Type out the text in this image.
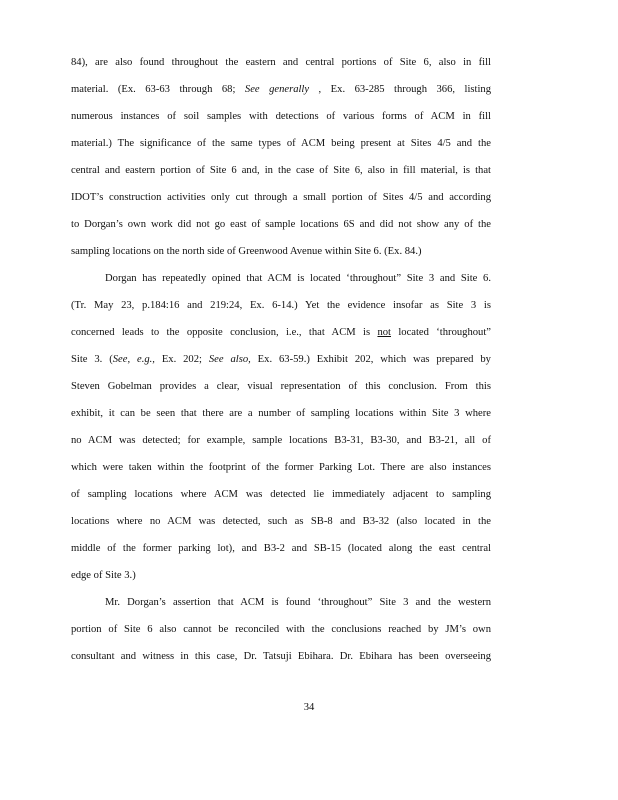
84), are also found throughout the eastern and central portions of Site 6, also in fill
material. (Ex. 63-63 through 68; See generally , Ex. 63-285 through 366, listing
numerous instances of soil samples with detections of various forms of ACM in fill
material.) The significance of the same types of ACM being present at Sites 4/5 and the
central and eastern portion of Site 6 and, in the case of Site 6, also in fill material, is that
IDOT’s construction activities only cut through a small portion of Sites 4/5 and according
to Dorgan’s own work did not go east of sample locations 6S and did not show any of the
sampling locations on the north side of Greenwood Avenue within Site 6. (Ex. 84.)
Dorgan has repeatedly opined that ACM is located ‘throughout” Site 3 and Site 6.
(Tr. May 23, p.184:16 and 219:24, Ex. 6-14.) Yet the evidence insofar as Site 3 is
concerned leads to the opposite conclusion, i.e., that ACM is not located ‘throughout”
Site 3. (See, e.g., Ex. 202; See also, Ex. 63-59.) Exhibit 202, which was prepared by
Steven Gobelman provides a clear, visual representation of this conclusion. From this
exhibit, it can be seen that there are a number of sampling locations within Site 3 where
no ACM was detected; for example, sample locations B3-31, B3-30, and B3-21, all of
which were taken within the footprint of the former Parking Lot. There are also instances
of sampling locations where ACM was detected lie immediately adjacent to sampling
locations where no ACM was detected, such as SB-8 and B3-32 (also located in the
middle of the former parking lot), and B3-2 and SB-15 (located along the east central
edge of Site 3.)
Mr. Dorgan’s assertion that ACM is found ‘throughout” Site 3 and the western
portion of Site 6 also cannot be reconciled with the conclusions reached by JM’s own
consultant and witness in this case, Dr. Tatsuji Ebihara. Dr. Ebihara has been overseeing
34
